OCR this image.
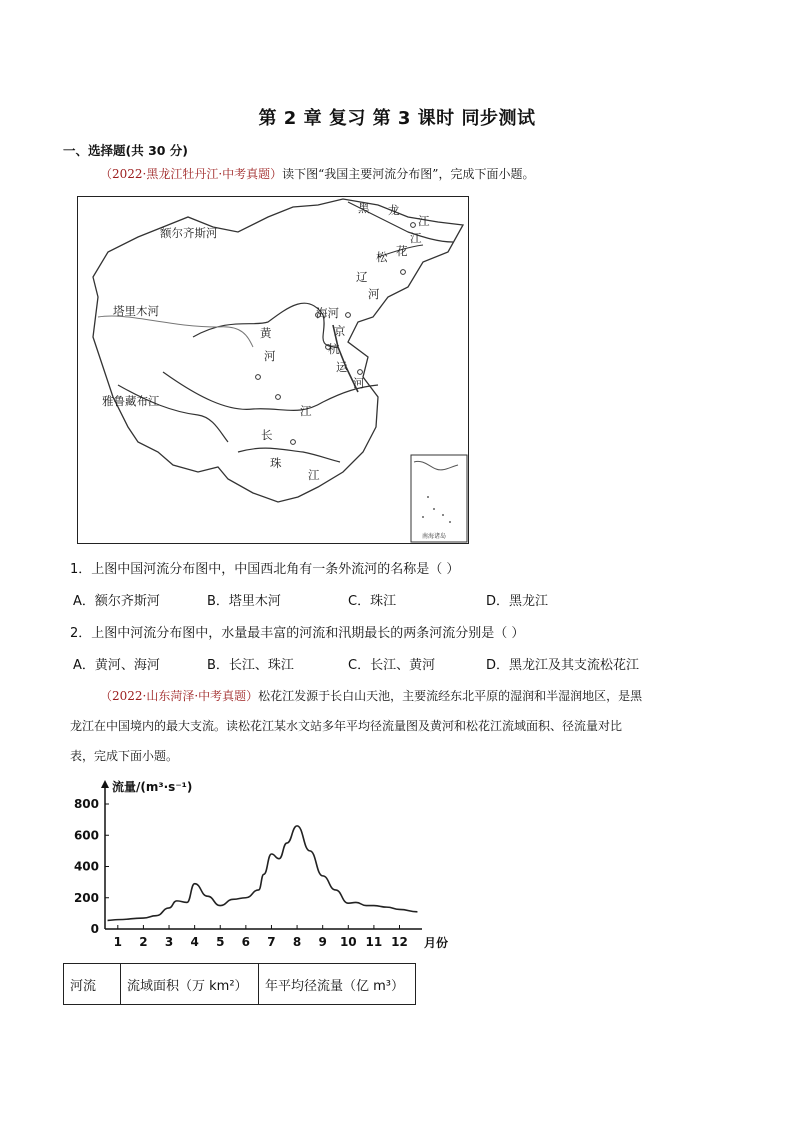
第 2 章 复习 第 3 课时 同步测试
一、选择题(共 30 分)
（2022·黑龙江牡丹江·中考真题）读下图“我国主要河流分布图”，完成下面小题。
黑 龙
江
松 花
江
额尔齐斯河
塔里木河
辽
河
海河
黄
河
京
杭
运
河
雅鲁藏布江
江
长
珠
江
南海诸岛
1．上图中国河流分布图中，中国西北角有一条外流河的名称是（ ）
A．额尔齐斯河	B．塔里木河	C．珠江	D．黑龙江
2．上图中河流分布图中，水量最丰富的河流和汛期最长的两条河流分别是（ ）
A．黄河、海河	B．长江、珠江	C．长江、黄河	D．黑龙江及其支流松花江
（2022·山东菏泽·中考真题）松花江发源于长白山天池，主要流经东北平原的湿润和半湿润地区，是黑
龙江在中国境内的最大支流。读松花江某水文站多年平均径流量图及黄河和松花江流域面积、径流量对比
表，完成下面小题。
0
200
400
600
800
1 2 3 4 5 6 7 8 9 10 11 12
流量/(m³·s⁻¹)
月份
河流	流域面积（万 km²）	年平均径流量（亿 m³）
